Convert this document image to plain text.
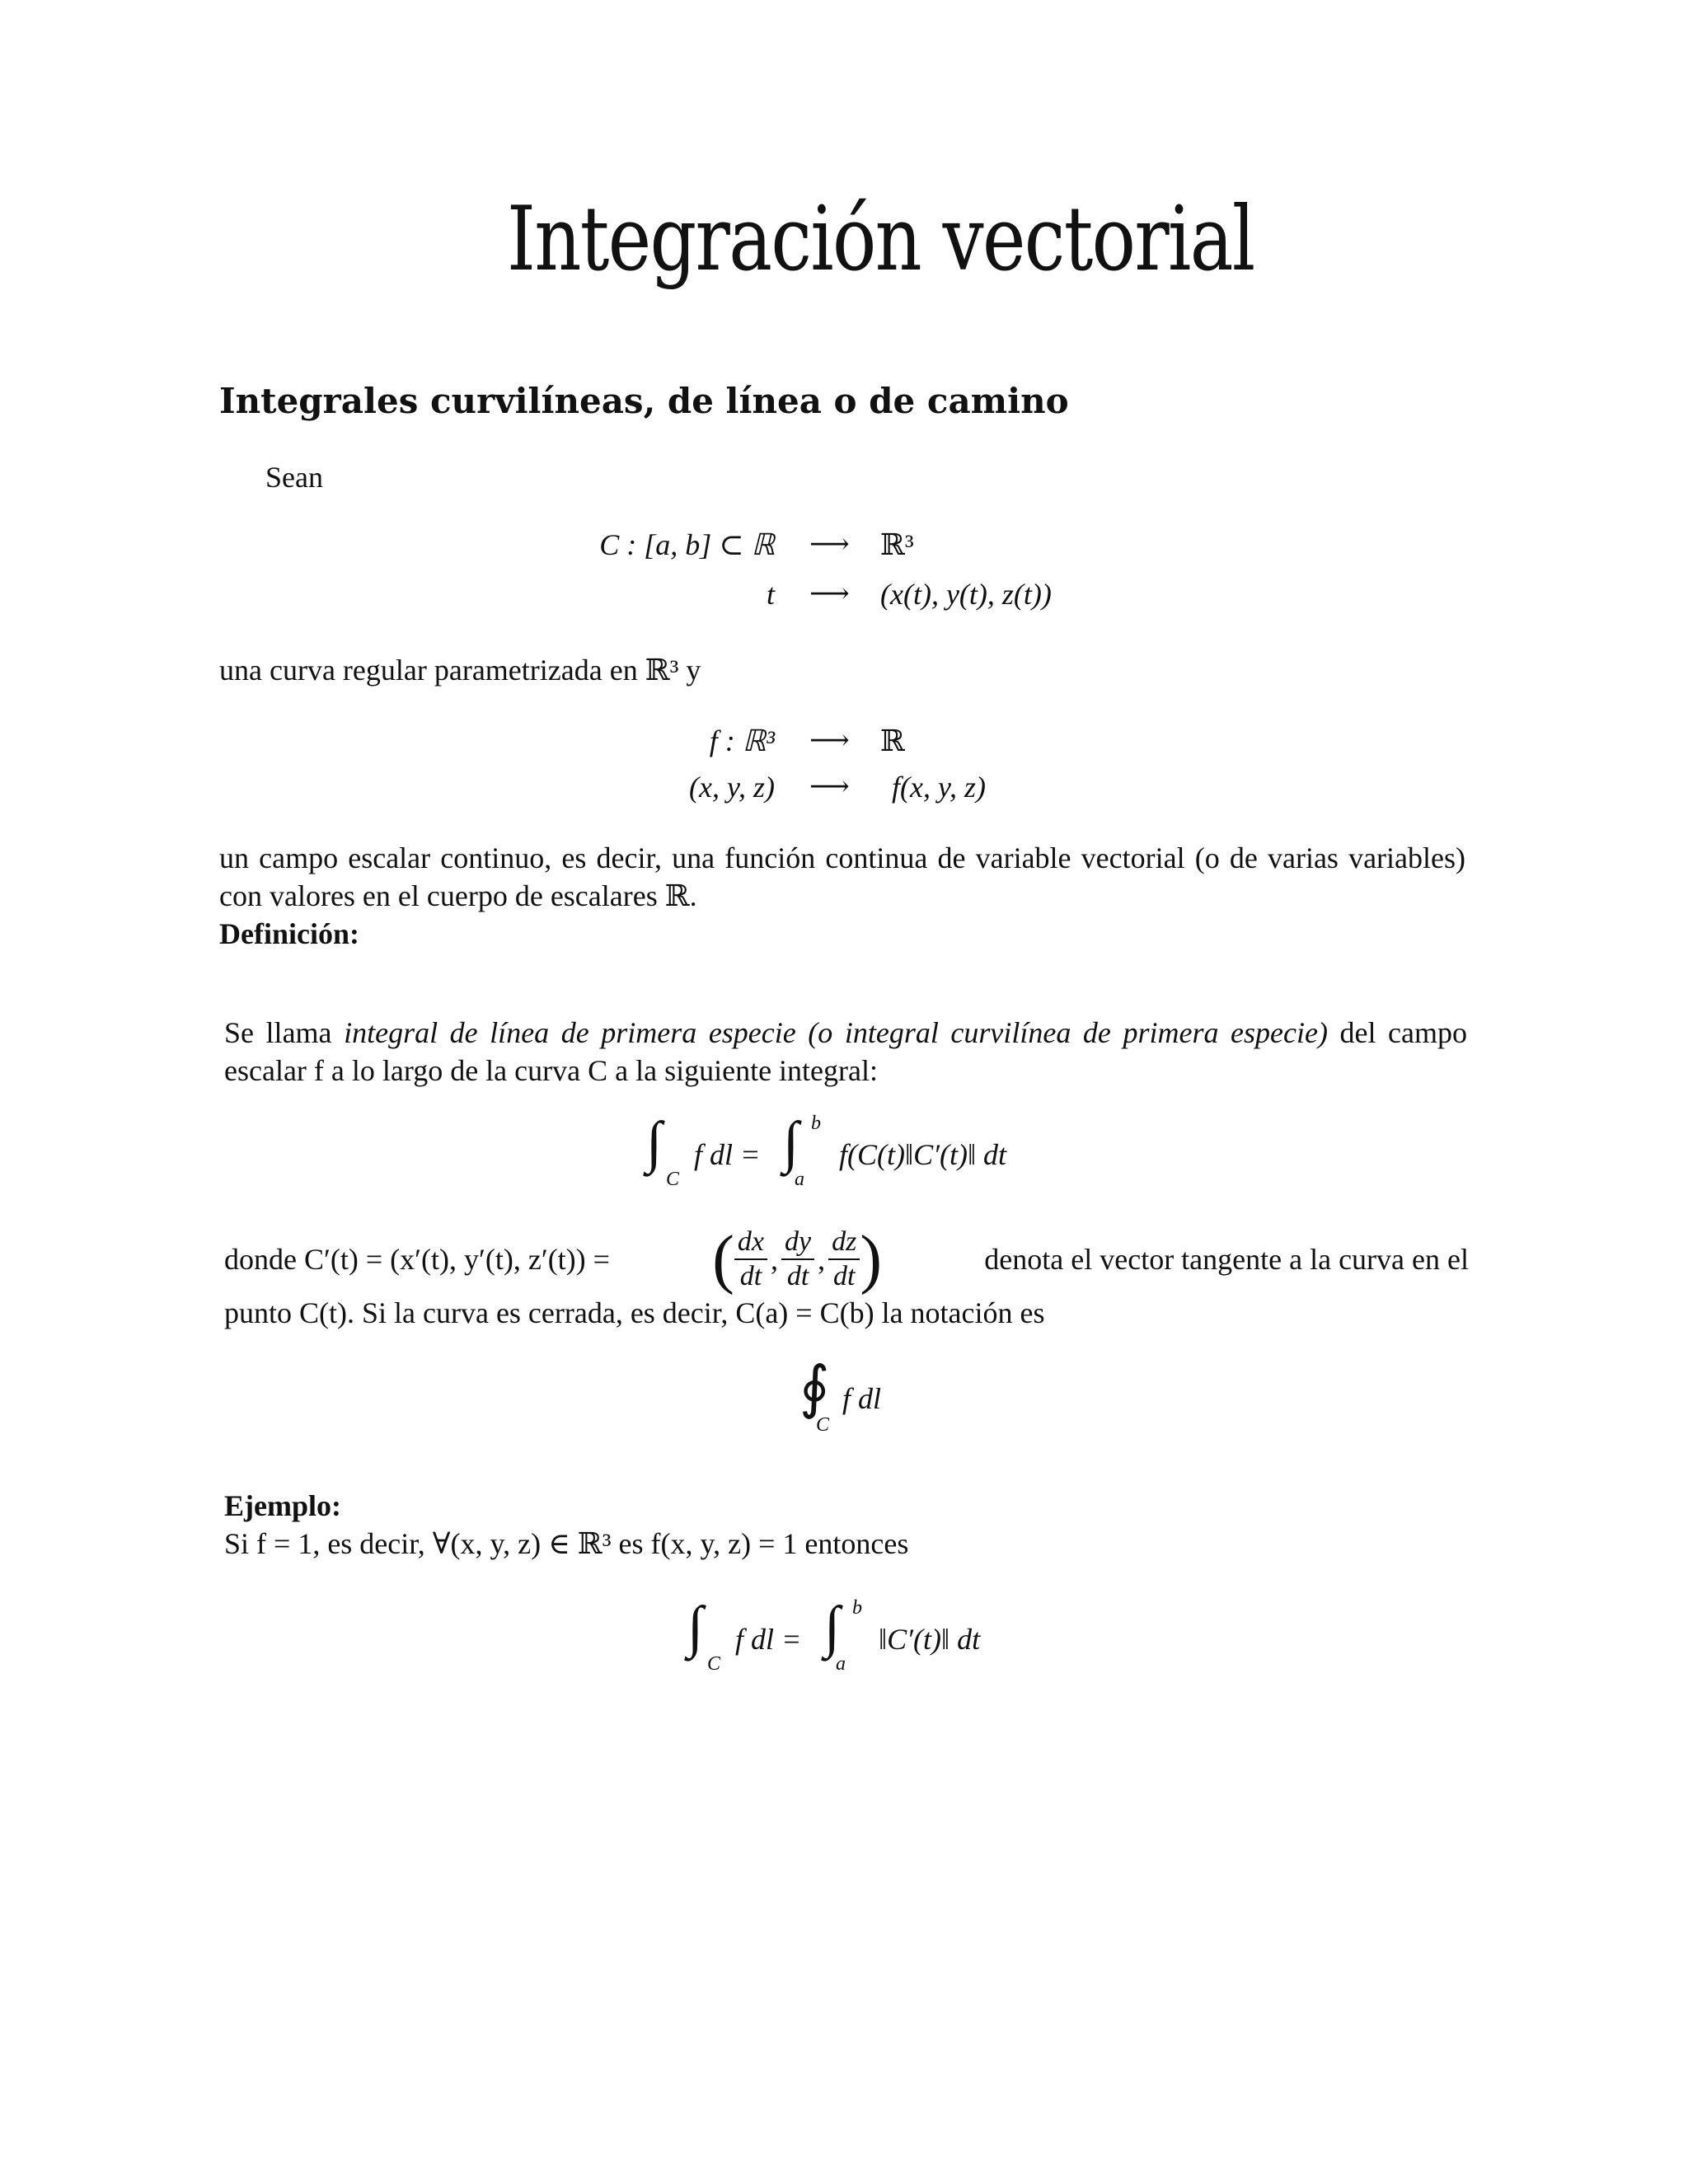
Integración vectorial
Integrales curvilíneas, de línea o de camino
Sean
C : [a, b] ⊂ ℝ ⟶ ℝ³
t ⟶ (x(t), y(t), z(t))
una curva regular parametrizada en ℝ³ y
f : ℝ³ ⟶ ℝ
(x, y, z) ⟶ f(x, y, z)
un campo escalar continuo, es decir, una función continua de variable vectorial (o de varias variables) con valores en el cuerpo de escalares ℝ.
Definición:
Se llama integral de línea de primera especie (o integral curvilínea de primera especie) del campo escalar f a lo largo de la curva C a la siguiente integral:
∫
C
f dl = ∫ b
a
f(C(t)‖C′(t)‖ dt
donde C′(t) = (x′(t), y′(t), z′(t)) = ( $\frac{dx}{dt}$ , $\frac{dy}{dt}$ , $\frac{dz}{dt}$ )	denota el vector tangente a la curva en el
punto C(t). Si la curva es cerrada, es decir, C(a) = C(b) la notación es
∮
C
f dl
Ejemplo:
Si f = 1, es decir, ∀(x, y, z) ∈ ℝ³ es f(x, y, z) = 1 entonces
∫
C
f dl = ∫ b
a
‖C′(t)‖ dt
